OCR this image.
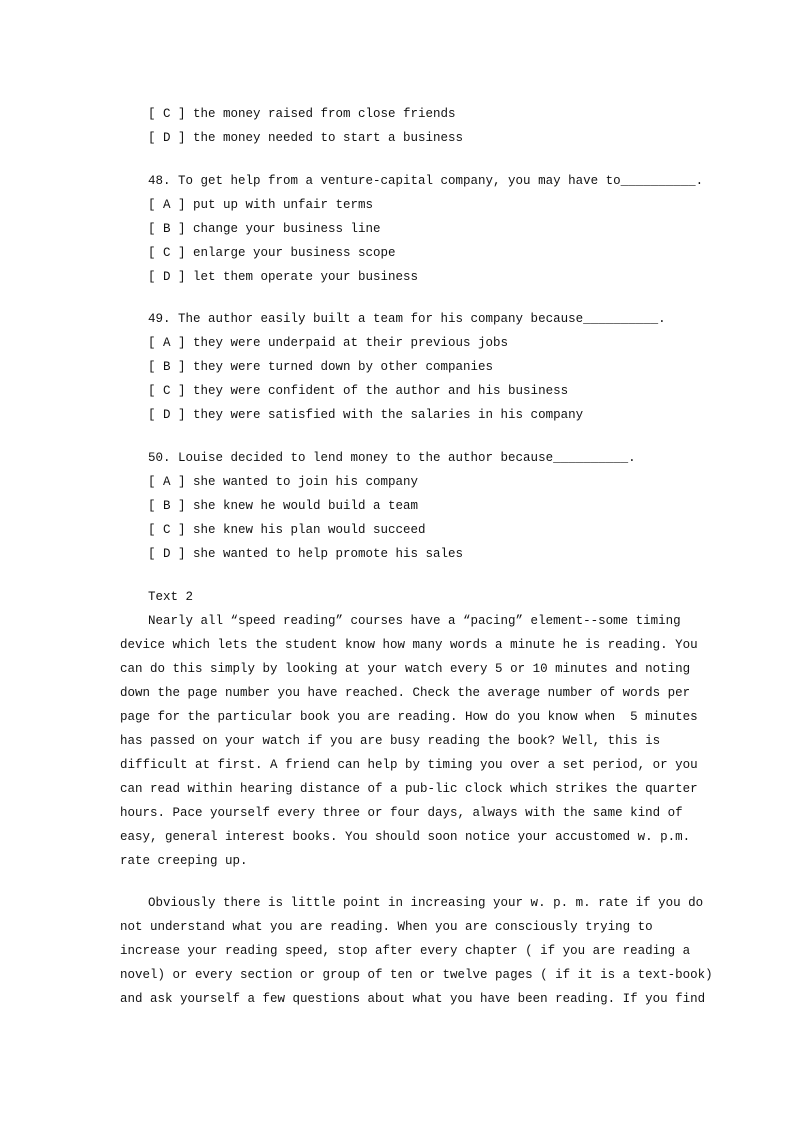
[ C ] the money raised from close friends
[ D ] the money needed to start a business
48. To get help from a venture-capital company, you may have to__________.
[ A ] put up with unfair terms
[ B ] change your business line
[ C ] enlarge your business scope
[ D ] let them operate your business
49. The author easily built a team for his company because__________.
[ A ] they were underpaid at their previous jobs
[ B ] they were turned down by other companies
[ C ] they were confident of the author and his business
[ D ] they were satisfied with the salaries in his company
50. Louise decided to lend money to the author because__________.
[ A ] she wanted to join his company
[ B ] she knew he would build a team
[ C ] she knew his plan would succeed
[ D ] she wanted to help promote his sales
Text 2
Nearly all “speed reading” courses have a “pacing” element--some timing
device which lets the student know how many words a minute he is reading. You
can do this simply by looking at your watch every 5 or 10 minutes and noting
down the page number you have reached. Check the average number of words per
page for the particular book you are reading. How do you know when  5 minutes
has passed on your watch if you are busy reading the book? Well, this is
difficult at first. A friend can help by timing you over a set period, or you
can read within hearing distance of a pub-lic clock which strikes the quarter
hours. Pace yourself every three or four days, always with the same kind of
easy, general interest books. You should soon notice your accustomed w. p.m.
rate creeping up.
Obviously there is little point in increasing your w. p. m. rate if you do
not understand what you are reading. When you are consciously trying to
increase your reading speed, stop after every chapter ( if you are reading a
novel) or every section or group of ten or twelve pages ( if it is a text-book)
and ask yourself a few questions about what you have been reading. If you find
